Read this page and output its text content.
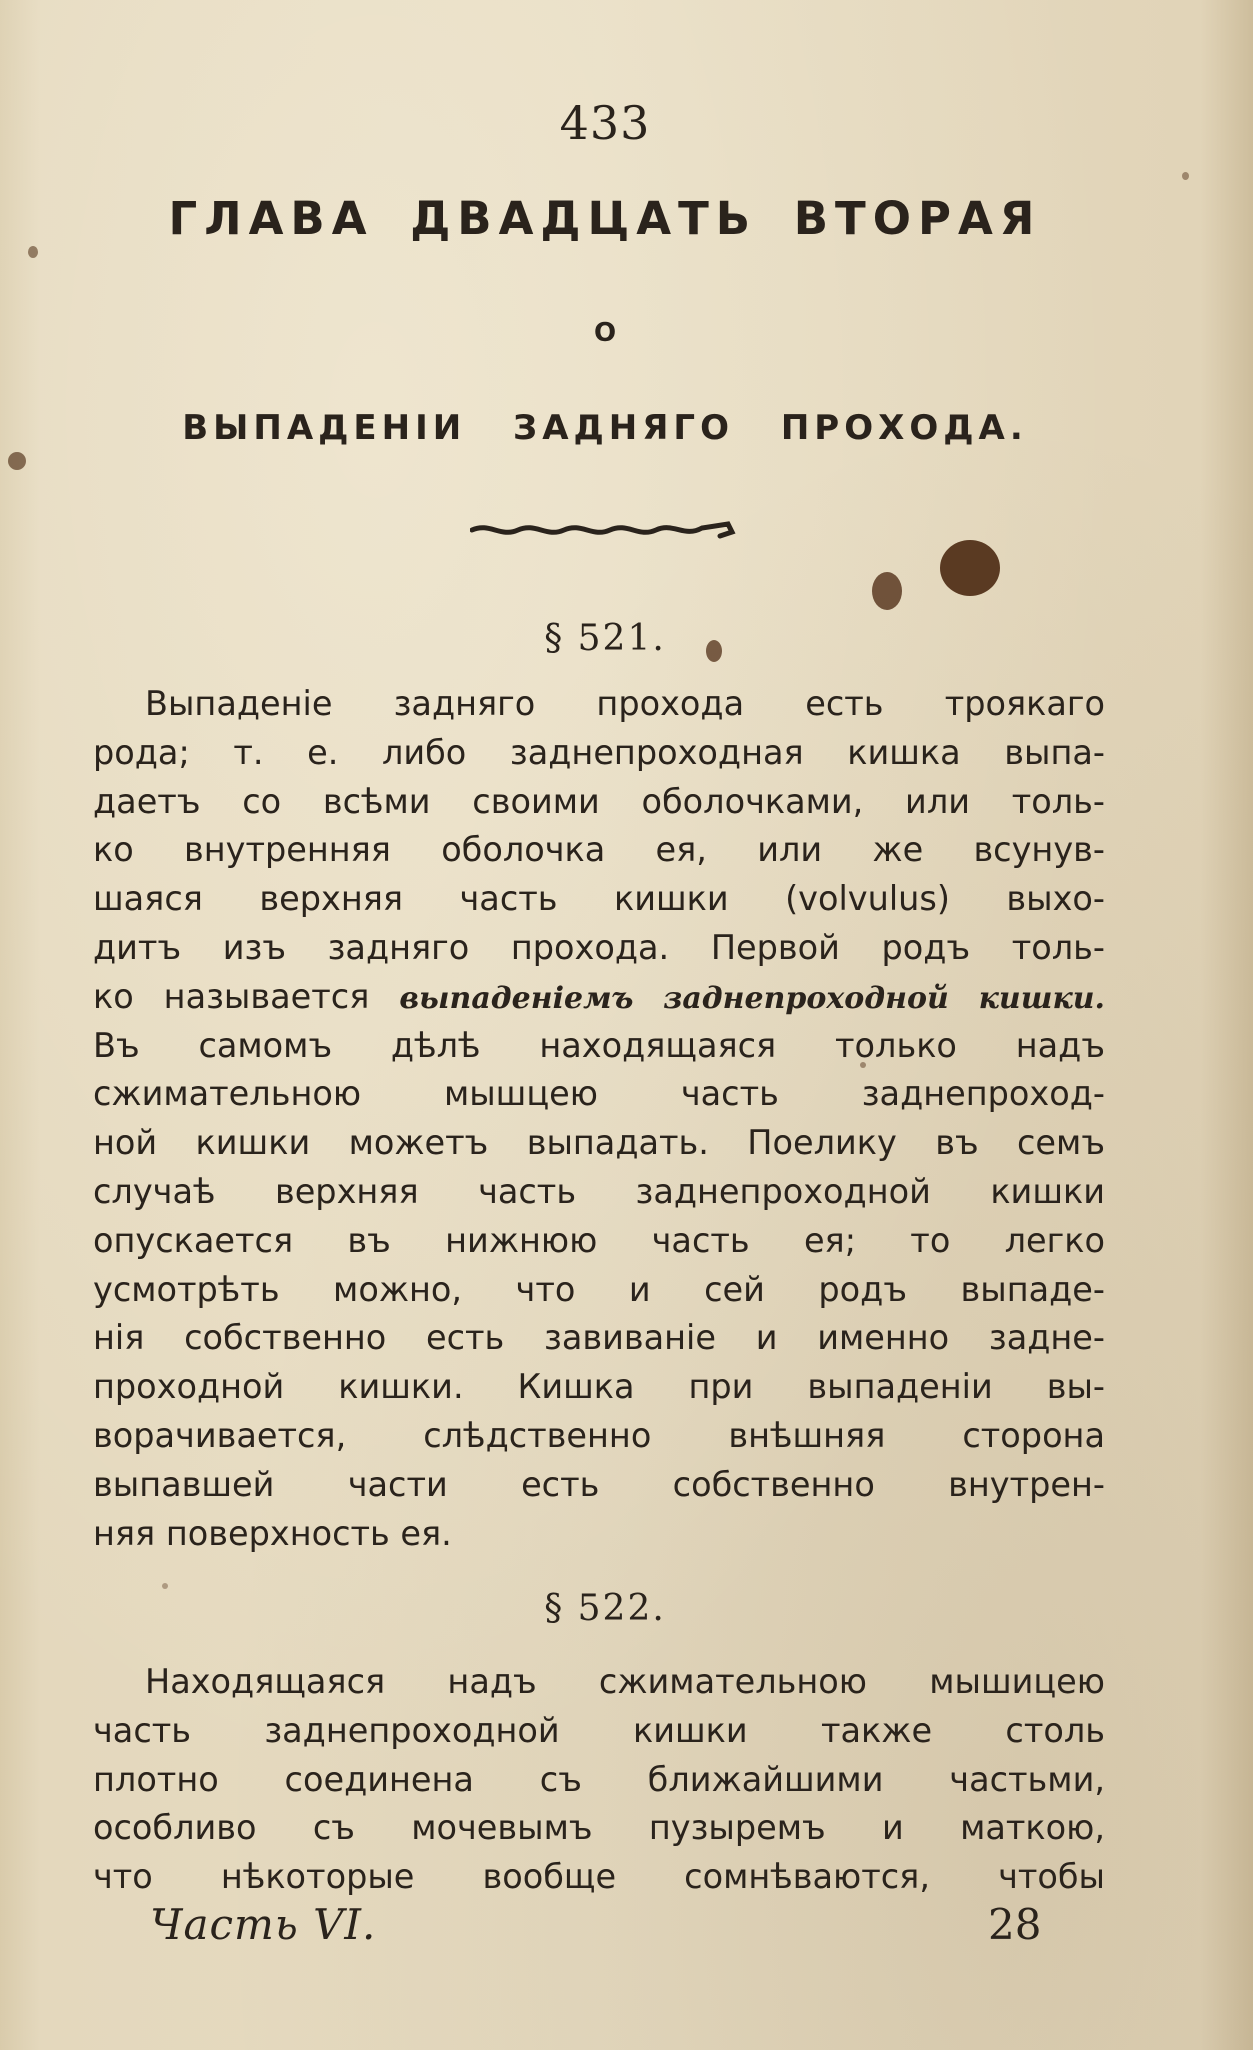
433
ГЛАВА ДВАДЦАТЬ ВТОРАЯ
О
ВЫПАДЕНІИ ЗАДНЯГО ПРОХОДА.
§ 521.
Выпаденіе задняго прохода есть троякаго
рода; т. е. либо заднепроходная кишка выпа-
даетъ со всѣми своими оболочками, или толь-
ко внутренняя оболочка ея, или же всунув-
шаяся верхняя часть кишки (volvulus) выхо-
дитъ изъ задняго прохода. Первой родъ толь-
ко называется выпаденіемъ заднепроходной кишки.
Въ самомъ дѣлѣ находящаяся только надъ
сжимательною мышцею часть заднепроход-
ной кишки можетъ выпадать. Поелику въ семъ
случаѣ верхняя часть заднепроходной кишки
опускается въ нижнюю часть ея; то легко
усмотрѣть можно, что и сей родъ выпаде-
нія собственно есть завиваніе и именно задне-
проходной кишки. Кишка при выпаденіи вы-
ворачивается, слѣдственно внѣшняя сторона
выпавшей части есть собственно внутрен-
няя поверхность ея.
§ 522.
Находящаяся надъ сжимательною мышицею
часть заднепроходной кишки также столь
плотно соединена съ ближайшими частьми,
особливо съ мочевымъ пузыремъ и маткою,
что нѣкоторые вообще сомнѣваются, чтобы
Часть VI.	28
